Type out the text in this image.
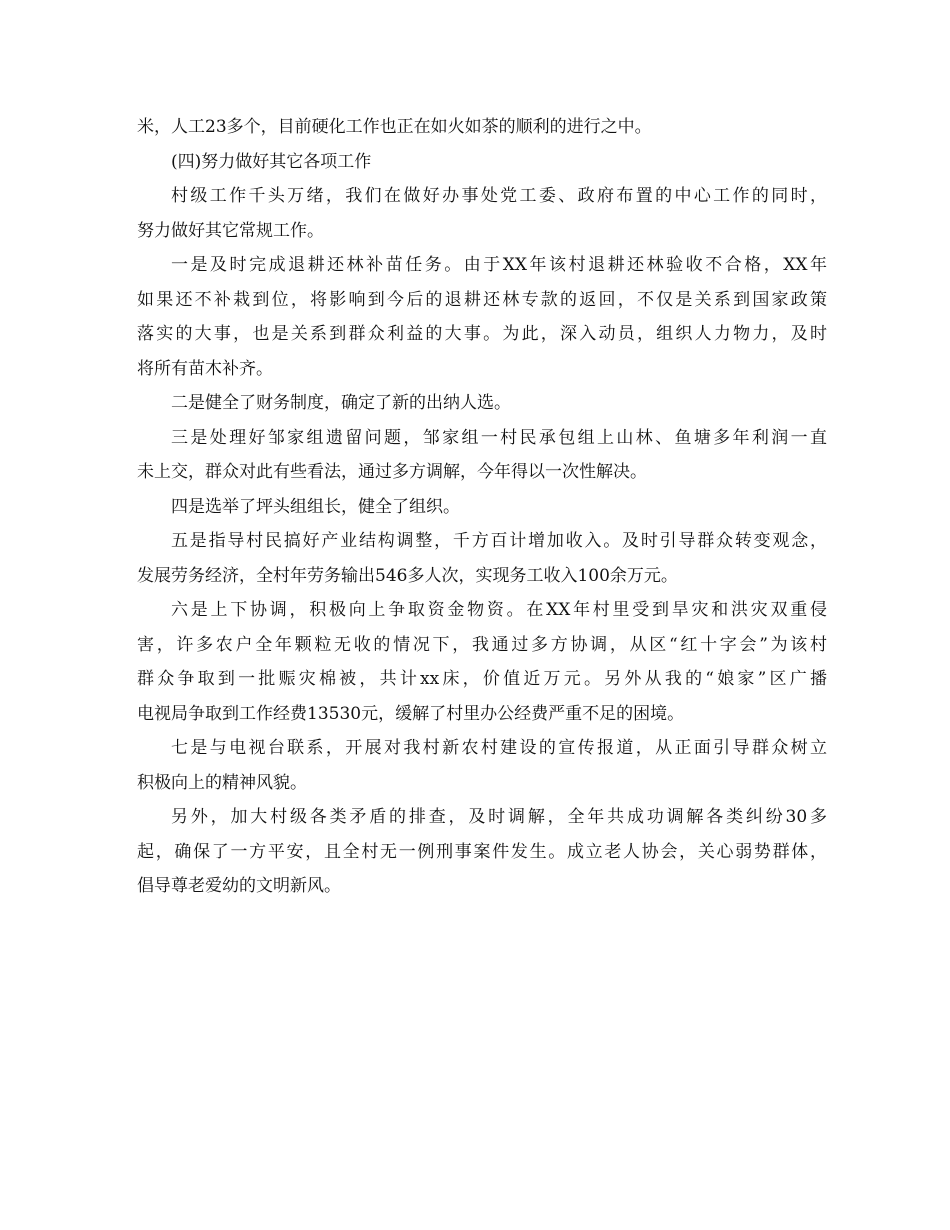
米，人工23多个，目前硬化工作也正在如火如茶的顺利的进行之中。
(四)努力做好其它各项工作
村级工作千头万绪，我们在做好办事处党工委、政府布置的中心工作的同时，
努力做好其它常规工作。
一是及时完成退耕还林补苗任务。由于XX年该村退耕还林验收不合格，XX年
如果还不补栽到位，将影响到今后的退耕还林专款的返回，不仅是关系到国家政策
落实的大事，也是关系到群众利益的大事。为此，深入动员，组织人力物力，及时
将所有苗木补齐。
二是健全了财务制度，确定了新的出纳人选。
三是处理好邹家组遗留问题，邹家组一村民承包组上山林、鱼塘多年利润一直
未上交，群众对此有些看法，通过多方调解，今年得以一次性解决。
四是选举了坪头组组长，健全了组织。
五是指导村民搞好产业结构调整，千方百计增加收入。及时引导群众转变观念，
发展劳务经济，全村年劳务输出546多人次，实现务工收入100余万元。
六是上下协调，积极向上争取资金物资。在XX年村里受到旱灾和洪灾双重侵
害，许多农户全年颗粒无收的情况下，我通过多方协调，从区“红十字会”为该村
群众争取到一批赈灾棉被，共计xx床，价值近万元。另外从我的“娘家”区广播
电视局争取到工作经费13530元，缓解了村里办公经费严重不足的困境。
七是与电视台联系，开展对我村新农村建设的宣传报道，从正面引导群众树立
积极向上的精神风貌。
另外，加大村级各类矛盾的排查，及时调解，全年共成功调解各类纠纷30多
起，确保了一方平安，且全村无一例刑事案件发生。成立老人协会，关心弱势群体，
倡导尊老爱幼的文明新风。
